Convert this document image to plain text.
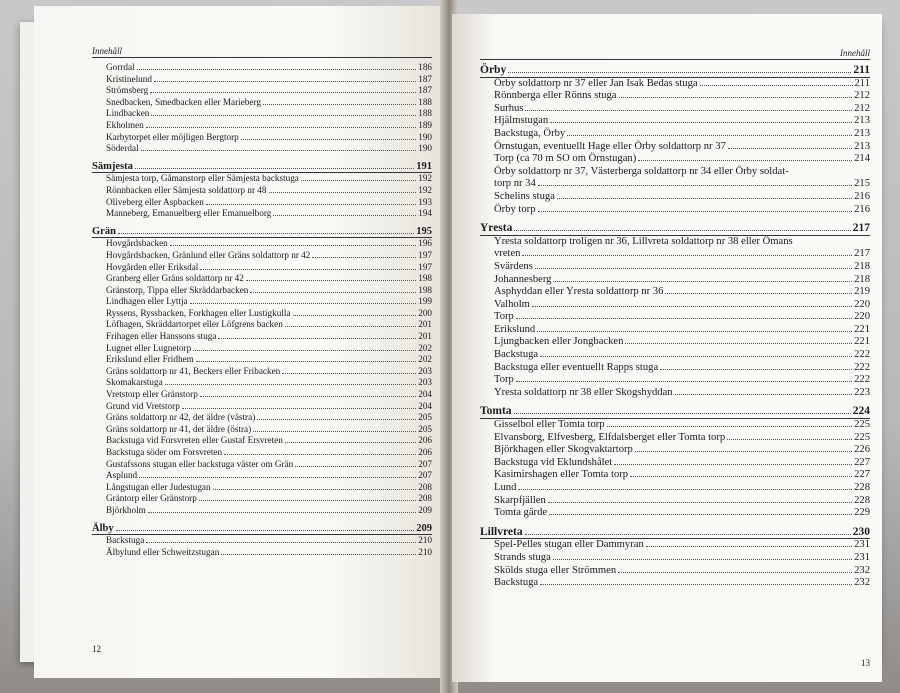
Innehåll
Gorrdal	186
Kristinelund	187
Strömsberg	187
Snedbacken, Smedbacken eller Marieberg	188
Lindbacken	188
Ekholmen	189
Karbytorpet eller möjligen Bergtorp	190
Söderdal	190
Sämjesta	191
Sämjesta torp, Gåmanstorp eller Sämjesta backstuga	192
Rönnbacken eller Sämjesta soldattorp nr 48	192
Oliveberg eller Aspbacken	193
Manneberg, Emanuelberg eller Emanuelborg	194
Grän	195
Hovgårdsbacken	196
Hovgårdsbacken, Gränlund eller Gräns soldattorp nr 42	197
Hovgården eller Eriksdal	197
Granberg eller Gräns soldattorp nr 42	198
Gränstorp, Tippa eller Skräddarbacken	198
Lindhagen eller Lyttja	199
Ryssens, Ryssbacken, Forkhagen eller Lustigkulla	200
Löfhagen, Skräddartorpet eller Löfgrens backen	201
Frihagen eller Hanssons stuga	201
Lugnet eller Lugnetorp	202
Erikslund eller Fridhem	202
Gräns soldattorp nr 41, Beckers eller Fribacken	203
Skomakarstuga	203
Vretstorp eller Gränstorp	204
Grund vid Vretstorp	204
Gräns soldattorp nr 42, det äldre (västra)	205
Gräns soldattorp nr 41, det äldre (östra)	205
Backstuga vid Forsvreten eller Gustaf Ersvreten	206
Backstuga söder om Forsvreten	206
Gustafssons stugan eller backstuga väster om Grän	207
Asplund	207
Långstugan eller Judestugan	208
Gräntorp eller Gränstorp	208
Björkholm	209
Älby	209
Backstuga	210
Älbylund eller Schweitzstugan	210
12
Innehåll
Örby	211
Örby soldattorp nr 37 eller Jan Isak Bedas stuga	211
Rönnberga eller Rönns stuga	212
Surhus	212
Hjälmstugan	213
Backstuga, Örby	213
Örnstugan, eventuellt Hage eller Örby soldattorp nr 37	213
Torp (ca 70 m SO om Örnstugan)	214
Örby soldattorp nr 37, Västerberga soldattorp nr 34 eller Örby soldat-
torp nr 34	215
Schelins stuga	216
Örby torp	216
Yresta	217
Yresta soldattorp troligen nr 36, Lillvreta soldattorp nr 38 eller Ömans
vreten	217
Svärdens	218
Johannesberg	218
Asphyddan eller Yresta soldattorp nr 36	219
Valholm	220
Torp	220
Erikslund	221
Ljungbacken eller Jongbacken	221
Backstuga	222
Backstuga eller eventuellt Rapps stuga	222
Torp	222
Yresta soldattorp nr 38 eller Skogshyddan	223
Tomta	224
Gisselbol eller Tomta torp	225
Elvansborg, Elfvesberg, Elfdalsberget eller Tomta torp	225
Björkhagen eller Skogvaktartorp	226
Backstuga vid Eklundshålet	227
Kasimirshagen eller Tomta torp	227
Lund	228
Skarpfjällen	228
Tomta gärde	229
Lillvreta	230
Spel-Pelles stugan eller Dammyran	231
Strands stuga	231
Skölds stuga eller Strömmen	232
Backstuga	232
13
